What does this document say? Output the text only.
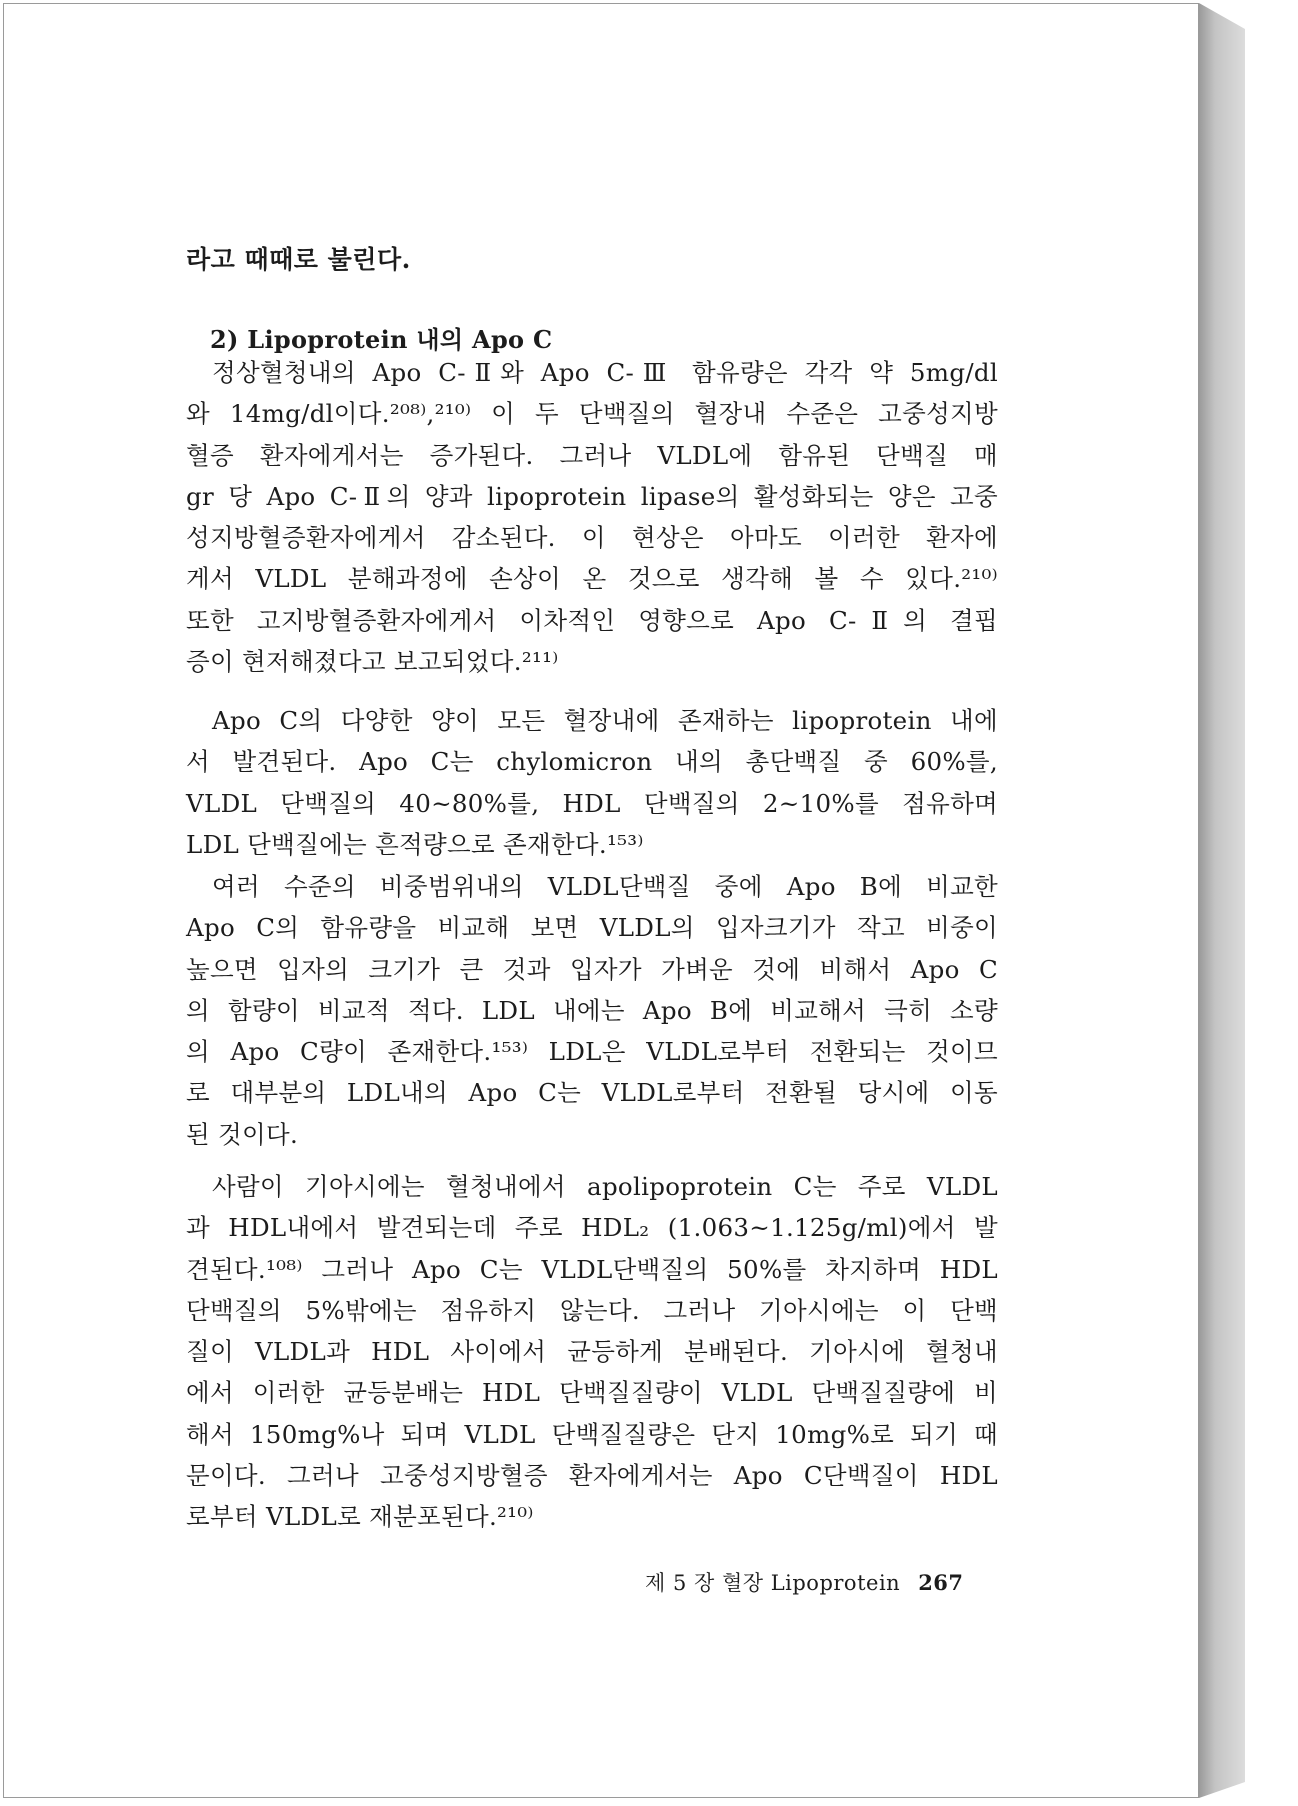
라고 때때로 불린다.
2) Lipoprotein 내의 Apo C
정상혈청내의 Apo C-Ⅱ와 Apo C-Ⅲ 함유량은 각각 약 5mg/dl
와 14mg/dl이다.²⁰⁸⁾,²¹⁰⁾ 이 두 단백질의 혈장내 수준은 고중성지방
혈증 환자에게서는 증가된다. 그러나 VLDL에 함유된 단백질 매
gr 당 Apo C-Ⅱ의 양과 lipoprotein lipase의 활성화되는 양은 고중
성지방혈증환자에게서 감소된다. 이 현상은 아마도 이러한 환자에
게서 VLDL 분해과정에 손상이 온 것으로 생각해 볼 수 있다.²¹⁰⁾
또한 고지방혈증환자에게서 이차적인 영향으로 Apo C-Ⅱ의 결핍
증이 현저해졌다고 보고되었다.²¹¹⁾
Apo C의 다양한 양이 모든 혈장내에 존재하는 lipoprotein 내에
서 발견된다. Apo C는 chylomicron 내의 총단백질 중 60%를,
VLDL 단백질의 40~80%를, HDL 단백질의 2~10%를 점유하며
LDL 단백질에는 흔적량으로 존재한다.¹⁵³⁾
여러 수준의 비중범위내의 VLDL단백질 중에 Apo B에 비교한
Apo C의 함유량을 비교해 보면 VLDL의 입자크기가 작고 비중이
높으면 입자의 크기가 큰 것과 입자가 가벼운 것에 비해서 Apo C
의 함량이 비교적 적다. LDL 내에는 Apo B에 비교해서 극히 소량
의 Apo C량이 존재한다.¹⁵³⁾ LDL은 VLDL로부터 전환되는 것이므
로 대부분의 LDL내의 Apo C는 VLDL로부터 전환될 당시에 이동
된 것이다.
사람이 기아시에는 혈청내에서 apolipoprotein C는 주로 VLDL
과 HDL내에서 발견되는데 주로 HDL₂ (1.063~1.125g/ml)에서 발
견된다.¹⁰⁸⁾ 그러나 Apo C는 VLDL단백질의 50%를 차지하며 HDL
단백질의 5%밖에는 점유하지 않는다. 그러나 기아시에는 이 단백
질이 VLDL과 HDL 사이에서 균등하게 분배된다. 기아시에 혈청내
에서 이러한 균등분배는 HDL 단백질질량이 VLDL 단백질질량에 비
해서 150mg%나 되며 VLDL 단백질질량은 단지 10mg%로 되기 때
문이다. 그러나 고중성지방혈증 환자에게서는 Apo C단백질이 HDL
로부터 VLDL로 재분포된다.²¹⁰⁾
제 5 장 혈장 Lipoprotein 267
